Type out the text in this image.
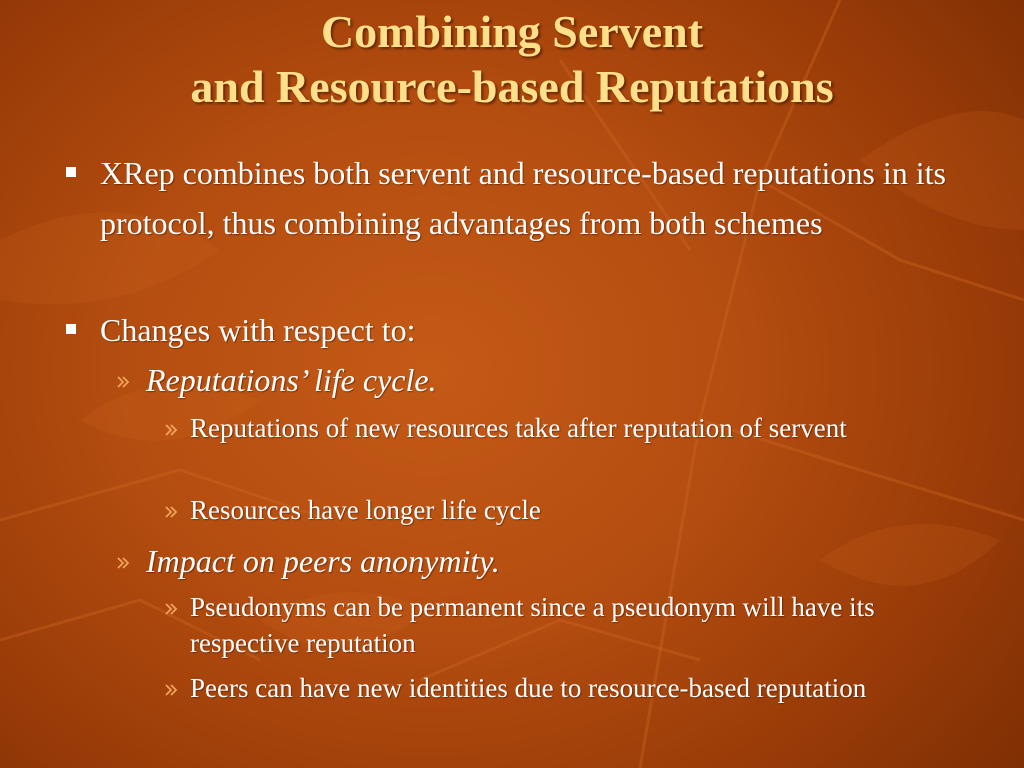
Combining Servent
and Resource-based Reputations
XRep combines both servent and resource-based reputations in its protocol, thus combining advantages from both schemes
Changes with respect to:
Reputations’ life cycle.
Reputations of new resources take after reputation of servent
Resources have longer life cycle
Impact on peers anonymity.
Pseudonyms can be permanent since a pseudonym will have its respective reputation
Peers can have new identities due to resource-based reputation
